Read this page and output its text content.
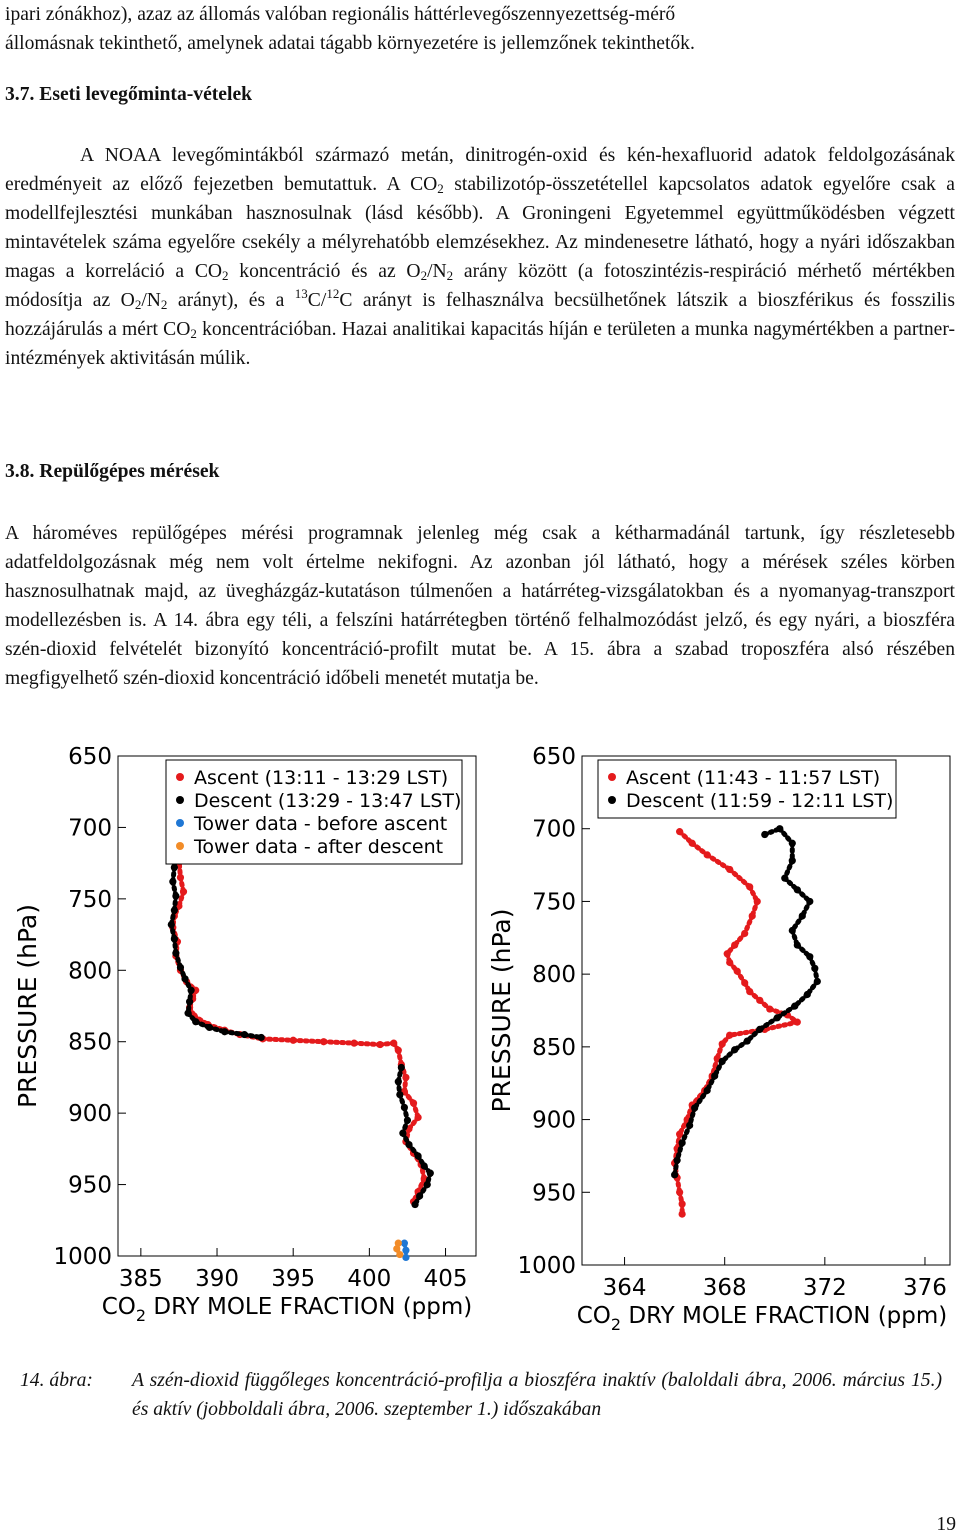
ipari zónákhoz), azaz az állomás valóban regionális háttérlevegőszennyezettség-mérő

állomásnak tekinthető, amelynek adatai tágabb környezetére is jellemzőnek tekinthetők.

3.7. Eseti levegőminta-vételek

A NOAA levegőmintákból származó metán, dinitrogén-oxid és kén-hexafluorid adatok feldolgozásának eredményeit az előző fejezetben bemutattuk. A $CO_2$ stabilizotóp-összetétellel kapcsolatos adatok egyelőre csak a modellfejlesztési munkában hasznosulnak (lásd később). A Groningeni Egyetemmel együttműködésben végzett mintavételek száma egyelőre csekély a mélyrehatóbb elemzésekhez. Az mindenesetre látható, hogy a nyári időszakban magas a korreláció a $CO_2$ koncentráció és az $O_2/N_2$ arány között (a fotoszintézis-respiráció mérhető mértékben módosítja az $O_2/N_2$ arányt), és a $^{13}$C/$^{12}$C arányt is felhasználva becsülhetőnek látszik a bioszférikus és fosszilis hozzájárulás a mért $CO_2$ koncentrációban. Hazai analitikai kapacitás híján e területen a munka nagymértékben a partner-intézmények aktivitásán múlik.

3.8. Repülőgépes mérések

A hároméves repülőgépes mérési programnak jelenleg még csak a kétharmadánál tartunk, így részletesebb adatfeldolgozásnak még nem volt értelme nekifogni. Az azonban jól látható, hogy a mérések széles körben hasznosulhatnak majd, az üvegházgáz-kutatáson túlmenően a határréteg-vizsgálatokban és a nyomanyag-transzport modellezésben is. A 14. ábra egy téli, a felszíni határrétegben történő felhalmozódást jelző, és egy nyári, a bioszféra szén-dioxid felvételét bizonyító koncentráció-profilt mutat be. A 15. ábra a szabad troposzféra alsó részében megfigyelhető szén-dioxid koncentráció időbeli menetét mutatja be.

650
700
750
800
850
900
950
1000
385 390 395 400 405
PRESSURE (hPa)
$CO_2$ DRY MOLE FRACTION (ppm)
Ascent (13:11 - 13:29 LST)
Descent (13:29 - 13:47 LST)
Tower data - before ascent
Tower data - after descent
650
700
750
800
850
900
950
1000
364 368 372 376
PRESSURE (hPa)
$CO_2$ DRY MOLE FRACTION (ppm)
Ascent (11:43 - 11:57 LST)
Descent (11:59 - 12:11 LST)
14. ábra: A szén-dioxid függőleges koncentráció-profilja a bioszféra inaktív (baloldali ábra, 2006. március 15.) és aktív (jobboldali ábra, 2006. szeptember 1.) időszakában
19
